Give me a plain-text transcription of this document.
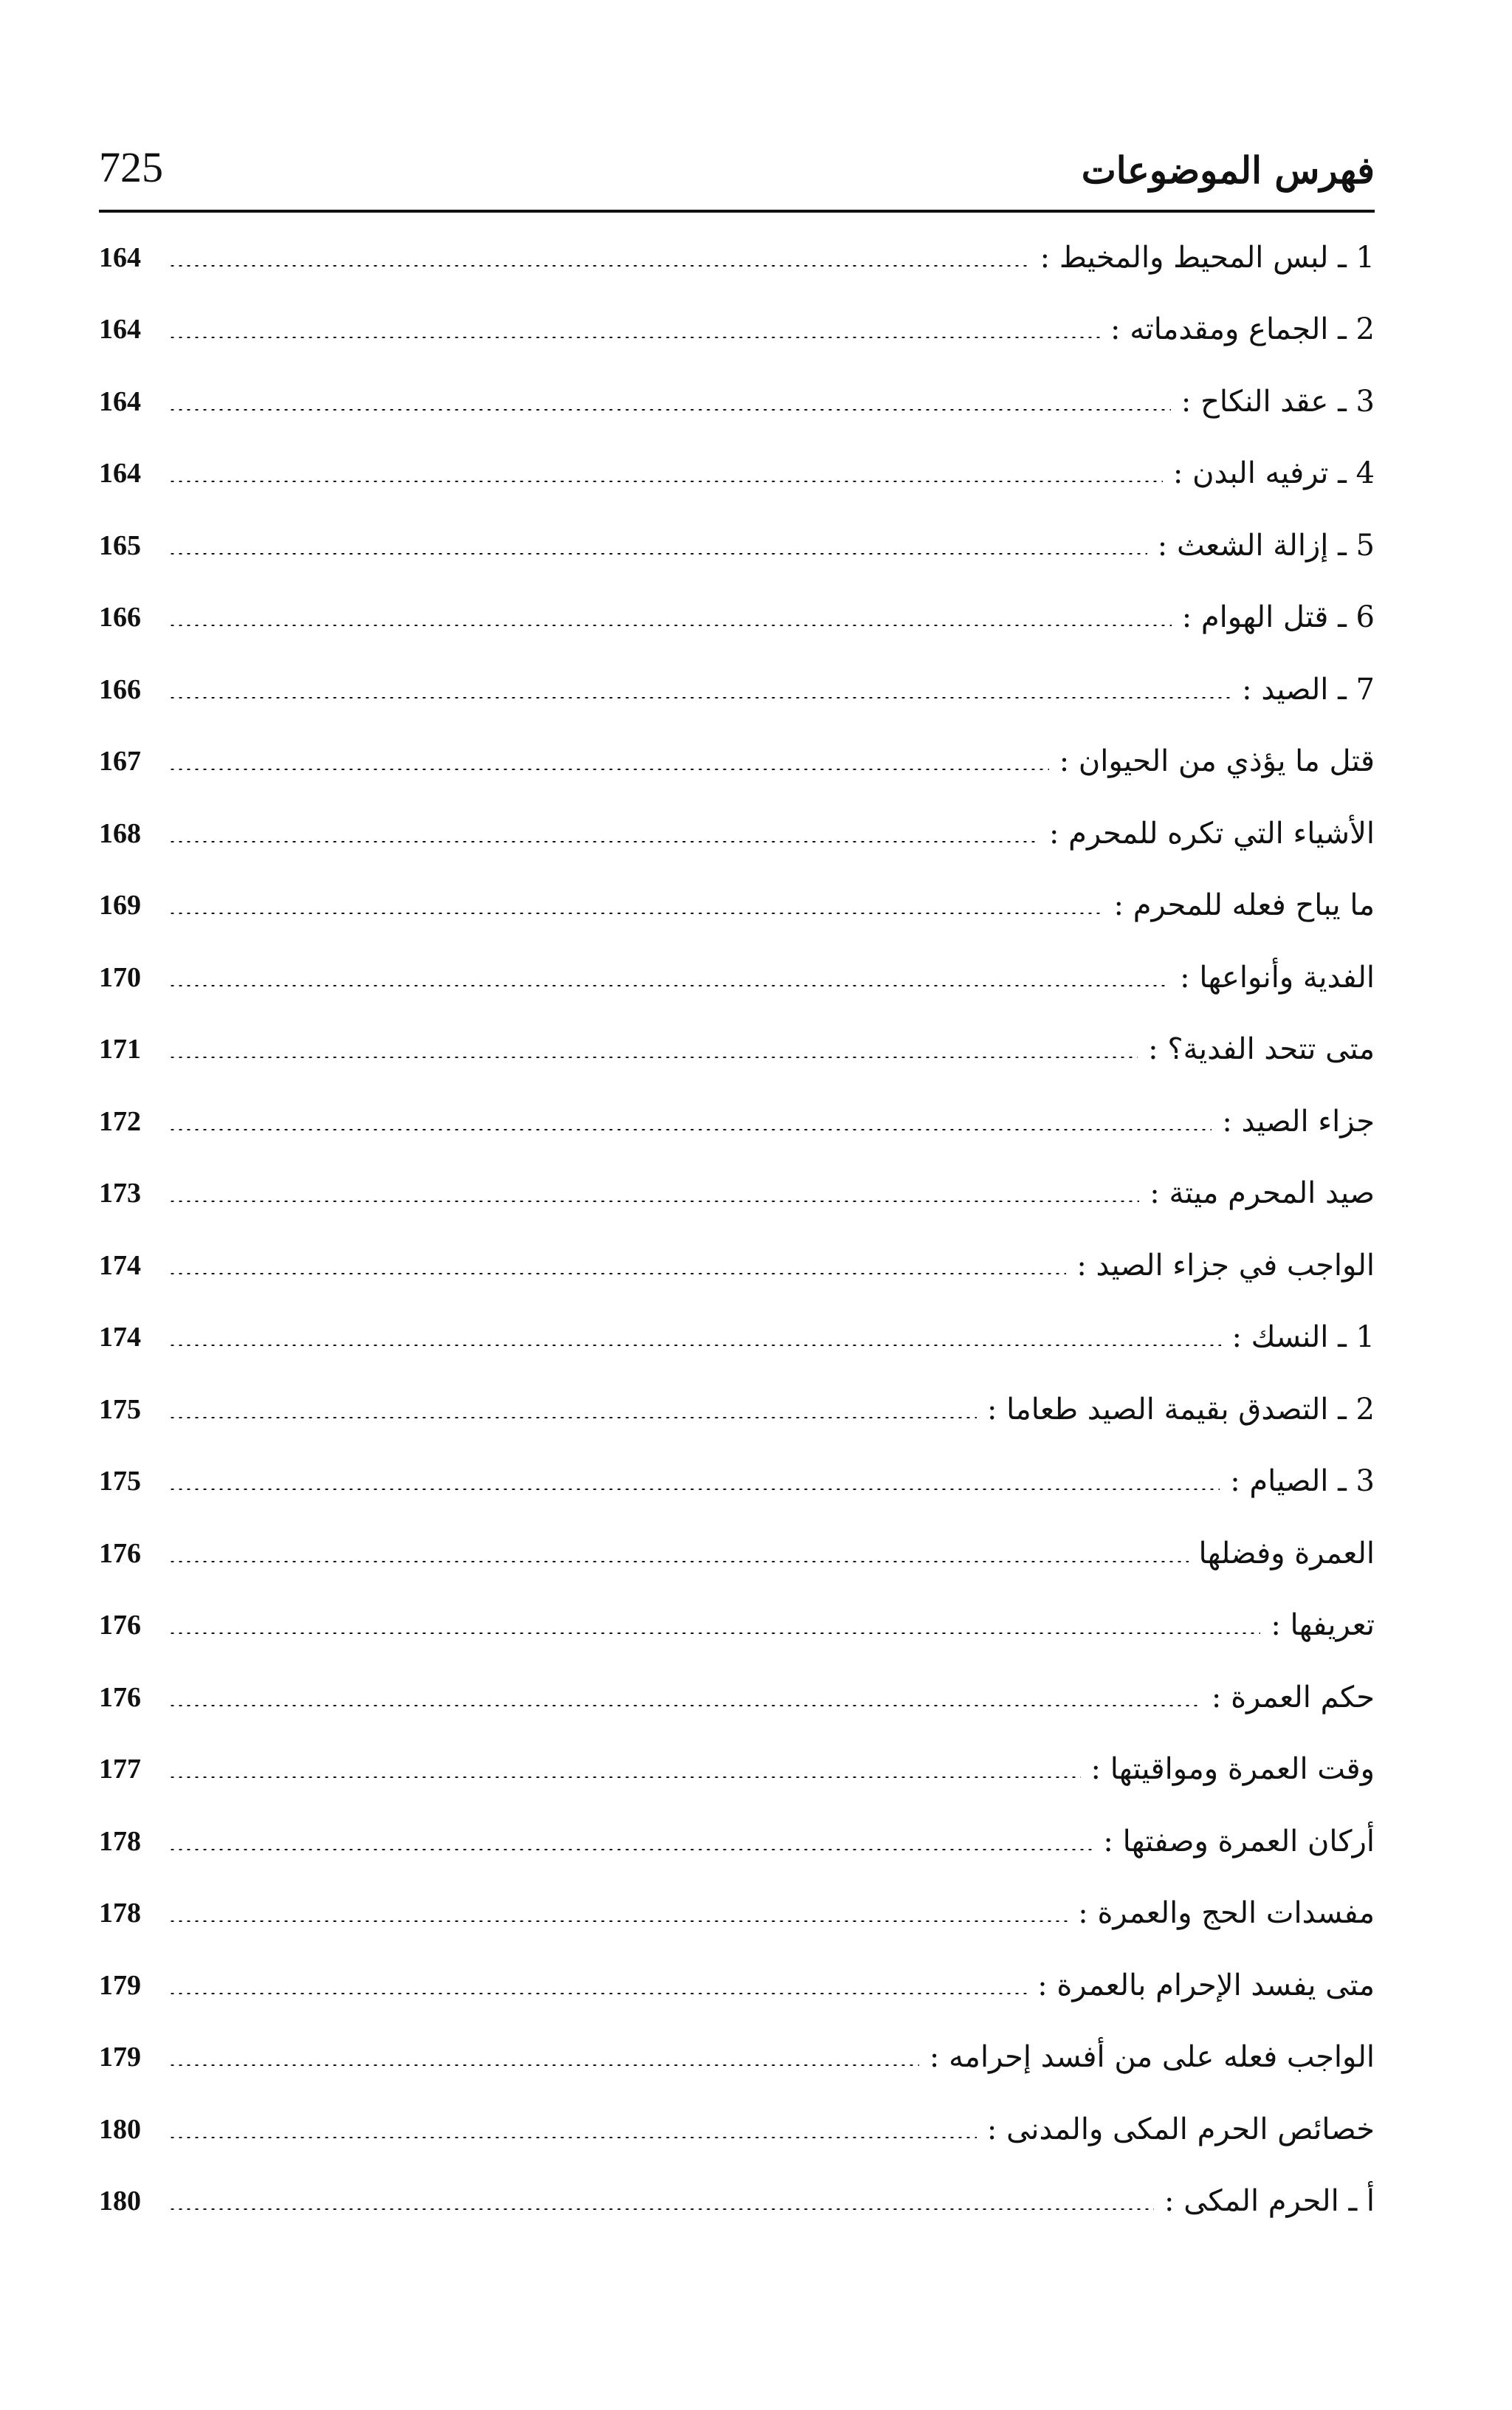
725	فهرس الموضوعات
1 ـ لبس المحيط والمخيط :
164
2 ـ الجماع ومقدماته :
164
3 ـ عقد النكاح :
164
4 ـ ترفيه البدن :
164
5 ـ إزالة الشعث :
165
6 ـ قتل الهوام :
166
7 ـ الصيد :
166
قتل ما يؤذي من الحيوان :
167
الأشياء التي تكره للمحرم :
168
ما يباح فعله للمحرم :
169
الفدية وأنواعها :
170
متى تتحد الفدية؟ :
171
جزاء الصيد :
172
صيد المحرم ميتة :
173
الواجب في جزاء الصيد :
174
1 ـ النسك :
174
2 ـ التصدق بقيمة الصيد طعاما :
175
3 ـ الصيام :
175
العمرة وفضلها
176
تعريفها :
176
حكم العمرة :
176
وقت العمرة ومواقيتها :
177
أركان العمرة وصفتها :
178
مفسدات الحج والعمرة :
178
متى يفسد الإحرام بالعمرة :
179
الواجب فعله على من أفسد إحرامه :
179
خصائص الحرم المكى والمدنى :
180
أ ـ الحرم المكى :
180
